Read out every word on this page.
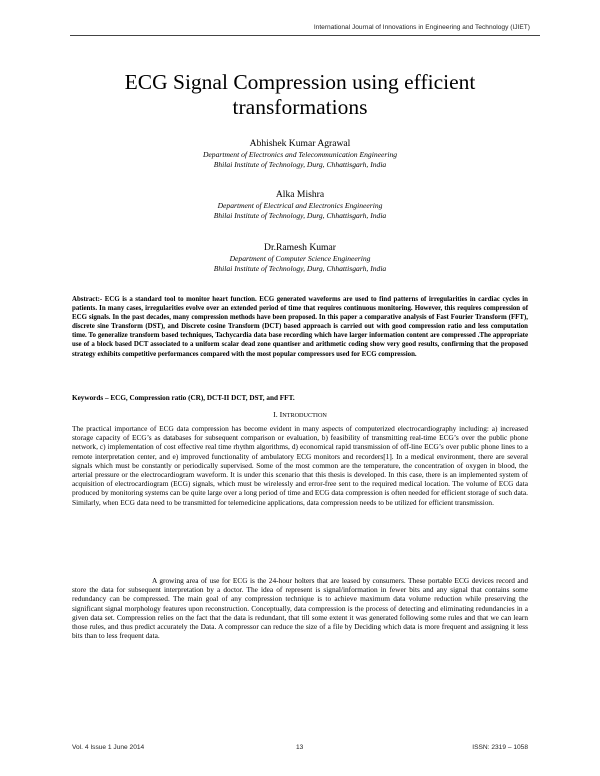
International Journal of Innovations in Engineering and Technology (IJIET)
ECG Signal Compression using efficient
transformations
Abhishek Kumar Agrawal
Department of Electronics and Telecommunication Engineering
Bhilai Institute of Technology, Durg, Chhattisgarh, India
Alka Mishra
Department of Electrical and Electronics Engineering
Bhilai Institute of Technology, Durg, Chhattisgarh, India
Dr.Ramesh Kumar
Department of Computer Science Engineering
Bhilai Institute of Technology, Durg, Chhattisgarh, India

Abstract:- ECG is a standard tool to monitor heart function. ECG generated waveforms are used to find patterns of irregularities in cardiac cycles in patients. In many cases, irregularities evolve over an extended period of time that requires continuous monitoring. However, this requires compression of ECG signals. In the past decades, many compression methods have been proposed. In this paper a comparative analysis of Fast Fourier Transform (FFT), discrete sine Transform (DST), and Discrete cosine Transform (DCT) based approach is carried out with good compression ratio and less computation time. To generalize transform based techniques, Tachycardia data base recording which have larger information content are compressed .The appropriate use of a block based DCT associated to a uniform scalar dead zone quantiser and arithmetic coding show very good results, confirming that the proposed strategy exhibits competitive performances compared with the most popular compressors used for ECG compression.

Keywords – ECG, Compression ratio (CR), DCT-II DCT, DST, and FFT.

I. INTRODUCTION

The practical importance of ECG data compression has become evident in many aspects of computerized electrocardiography including: a) increased storage capacity of ECG’s as databases for subsequent comparison or evaluation, b) feasibility of transmitting real-time ECG’s over the public phone network, c) implementation of cost effective real time rhythm algorithms, d) economical rapid transmission of off-line ECG’s over public phone lines to a remote interpretation center, and e) improved functionality of ambulatory ECG monitors and recorders[1]. In a medical environment, there are several signals which must be constantly or periodically supervised. Some of the most common are the temperature, the concentration of oxygen in blood, the arterial pressure or the electrocardiogram waveform. It is under this scenario that this thesis is developed. In this case, there is an implemented system of acquisition of electrocardiogram (ECG) signals, which must be wirelessly and error-free sent to the required medical location. The volume of ECG data produced by monitoring systems can be quite large over a long period of time and ECG data compression is often needed for efficient storage of such data. Similarly, when ECG data need to be transmitted for telemedicine applications, data compression needs to be utilized for efficient transmission.

A growing area of use for ECG is the 24-hour holters that are leased by consumers. These portable ECG devices record and store the data for subsequent interpretation by a doctor. The idea of represent is signal/information in fewer bits and any signal that contains some redundancy can be compressed. The main goal of any compression technique is to achieve maximum data volume reduction while preserving the significant signal morphology features upon reconstruction. Conceptually, data compression is the process of detecting and eliminating redundancies in a given data set. Compression relies on the fact that the data is redundant, that till some extent it was generated following some rules and that we can learn those rules, and thus predict accurately the Data. A compressor can reduce the size of a file by Deciding which data is more frequent and assigning it less bits than to less frequent data.

Vol. 4 Issue 1 June 2014	13	ISSN: 2319 – 1058
